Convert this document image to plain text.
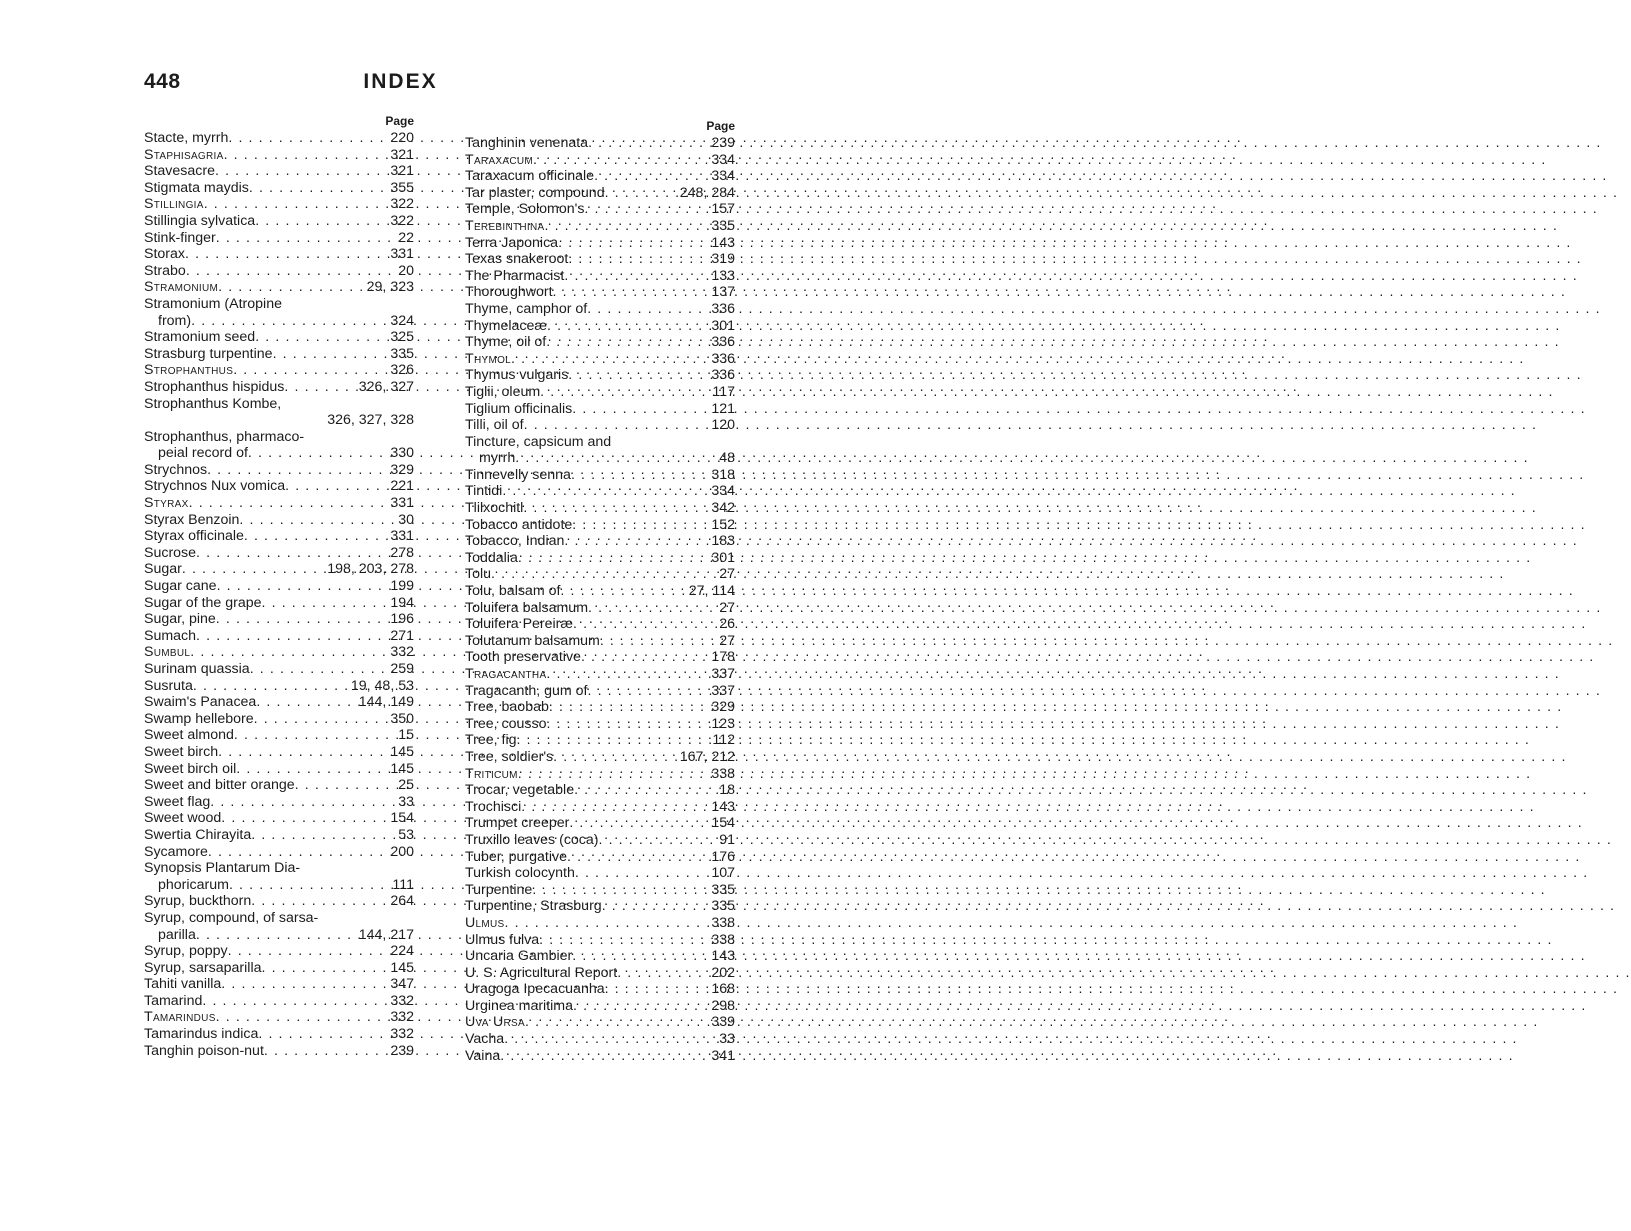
INDEX
448
Page
Stacte, myrrh . . .	220
Staphisagria . . .	321
Stavesacre . . .	321
Stigmata maydis . . .	355
Stillingia . . .	322
Stillingia sylvatica . . .	322
Stink-finger . . .	22
Storax . . .	331
Strabo . . .	20
Stramonium . . .	29, 323
Stramonium (Atropine
from) . . .	324
Stramonium seed . . .	325
Strasburg turpentine . . .	335
Strophanthus . . .	326
Strophanthus hispidus . . .	326, 327
Strophanthus Kombe,
326, 327, 328
Strophanthus, pharmaco-
peial record of . . .	330
Strychnos . . .	329
Strychnos Nux vomica . . .	221
Styrax . . .	331
Styrax Benzoin . . .	30
Styrax officinale . . .	331
Sucrose . . .	278
Sugar . . .	198, 203, 278
Sugar cane . . .	199
Sugar of the grape . . .	194
Sugar, pine . . .	196
Sumach . . .	271
Sumbul . . .	332
Surinam quassia . . .	259
Susruta . . .	19, 48, 53
Swaim's Panacea . . .	144, 149
Swamp hellebore . . .	350
Sweet almond . . .	15
Sweet birch . . .	145
Sweet birch oil . . .	145
Sweet and bitter orange . . .	25
Sweet flag . . .	33
Sweet wood . . .	154
Swertia Chirayita . . .	53
Sycamore . . .	200
Synopsis Plantarum Dia-
phoricarum . . .	111
Syrup, buckthorn . . .	264
Syrup, compound, of sarsa-
parilla . . .	144, 217
Syrup, poppy . . .	224
Syrup, sarsaparilla . . .	145
Tahiti vanilla . . .	347
Tamarind . . .	332
Tamarindus . . .	332
Tamarindus indica . . .	332
Tanghin poison-nut . . .	239
Page
Tanghinin venenata . . .	239
Taraxacum . . .	334
Taraxacum officinale . . .	334
Tar plaster, compound . . .	248, 284
Temple, Solomon's . . .	157
Terebinthina . . .	335
Terra Japonica . . .	143
Texas snakeroot . . .	319
The Pharmacist . . .	133
Thoroughwort . . .	137
Thyme, camphor of . . .	336
Thymelaceæ . . .	301
Thyme, oil of . . .	336
Thymol . . .	336
Thymus vulgaris . . .	336
Tiglii, oleum . . .	117
Tiglium officinalis . . .	121
Tilli, oil of . . .	120
Tincture, capsicum and
myrrh . . .	48
Tinnevelly senna . . .	318
Tintidi . . .	334
Tlilxochitl . . .	342
Tobacco antidote . . .	152
Tobacco, Indian . . .	183
Toddalia . . .	301
Tolu . . .	27
Tolu, balsam of . . .	27, 114
Toluifera balsamum . . .	27
Toluifera Pereiræ . . .	26
Tolutanum balsamum . . .	27
Tooth preservative . . .	178
Tragacantha . . .	337
Tragacanth, gum of . . .	337
Tree, baobab . . .	329
Tree, cousso . . .	123
Tree, fig . . .	112
Tree, soldier's . . .	167, 212
Triticum . . .	338
Trocar, vegetable . . .	18
Trochisci . . .	143
Trumpet creeper . . .	154
Truxillo leaves (coca) . . .	91
Tuber, purgative . . .	176
Turkish colocynth . . .	107
Turpentine . . .	335
Turpentine, Strasburg . . .	335
Ulmus . . .	338
Ulmus fulva . . .	338
Uncaria Gambier . . .	143
U. S. Agricultural Report . . .	202
Uragoga Ipecacuanha . . .	168
Urginea maritima . . .	298
Uva Ursa . . .	339
Vacha . . .	33
Vaina . . .	341
